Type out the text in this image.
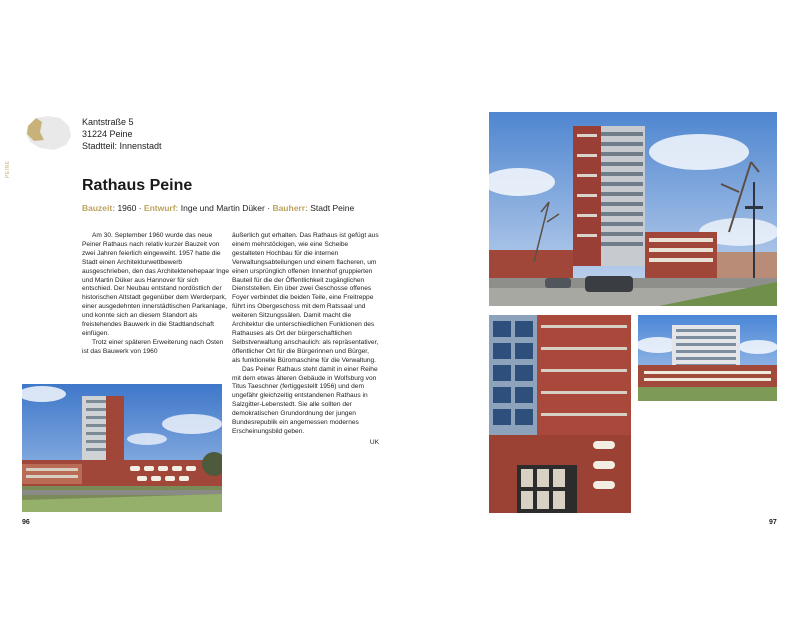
Kantstraße 5
31224 Peine
Stadtteil: Innenstadt
PEINE
Rathaus Peine
Bauzeit: 1960 · Entwurf: Inge und Martin Düker · Bauherr: Stadt Peine

Am 30. September 1960 wurde das neue Peiner Rathaus nach relativ kurzer Bauzeit von zwei Jahren feierlich eingeweiht. 1957 hatte die Stadt einen Architekturwettbewerb ausgeschrieben, den das Architektenehepaar Inge und Martin Düker aus Hannover für sich entschied. Der Neubau entstand nordöstlich der historischen Altstadt gegenüber dem Werderpark, einer ausgedehnten innerstädtischen Parkanlage, und konnte sich an diesem Standort als freistehendes Bauwerk in die Stadtlandschaft einfügen.

Trotz einer späteren Erweiterung nach Osten ist das Bauwerk von 1960

äußerlich gut erhalten. Das Rathaus ist gefügt aus einem mehrstöckigen, wie eine Scheibe gestalteten Hochbau für die internen Verwaltungsabteilungen und einem flacheren, um einen ursprünglich offenen Innenhof gruppierten Bauteil für die der Öffentlichkeit zugänglichen Dienststellen. Ein über zwei Geschosse offenes Foyer verbindet die beiden Teile, eine Freitreppe führt ins Obergeschoss mit dem Ratssaal und weiteren Sitzungssälen. Damit macht die Architektur die unterschiedlichen Funktionen des Rathauses als Ort der bürgerschaftlichen Selbstverwaltung anschaulich: als repräsentativer, öffentlicher Ort für die Bürgerinnen und Bürger, als funktionelle Büromaschine für die Verwaltung.

Das Peiner Rathaus steht damit in einer Reihe mit dem etwas älteren Gebäude in Wolfsburg von Titus Taeschner (fertiggestellt 1956) und dem ungefähr gleichzeitig entstandenen Rathaus in Salzgitter-Lebenstedt. Sie alle sollten der demokratischen Grundordnung der jungen Bundesrepublik ein angemessen modernes Erscheinungsbild geben.

UK

96	97
